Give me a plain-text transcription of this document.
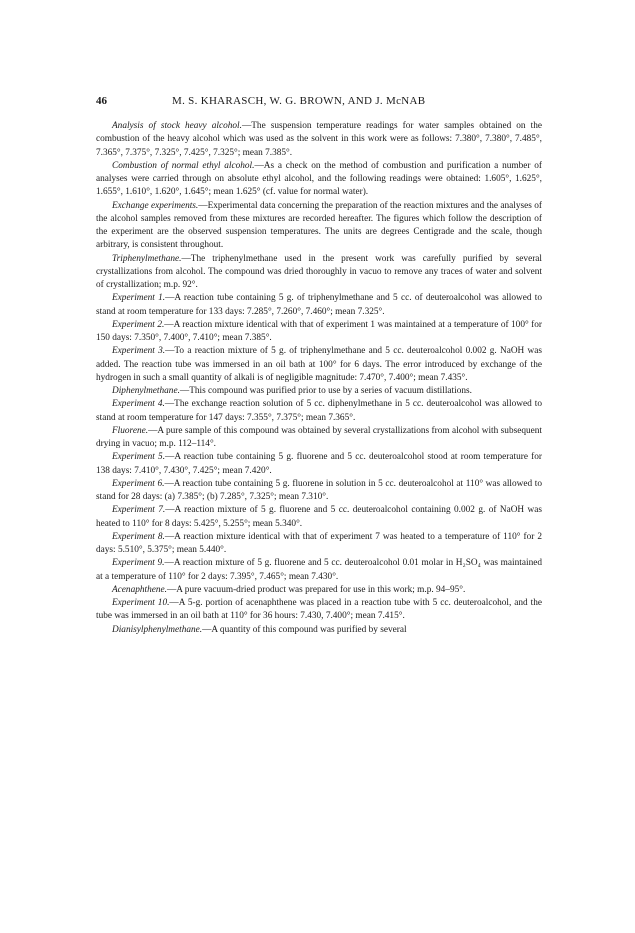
46	M. S. KHARASCH, W. G. BROWN, AND J. McNAB

Analysis of stock heavy alcohol.—The suspension temperature readings for water samples obtained on the combustion of the heavy alcohol which was used as the solvent in this work were as follows: 7.380°, 7.380°, 7.485°, 7.365°, 7.375°, 7.325°, 7.425°, 7.325°; mean 7.385°.

Combustion of normal ethyl alcohol.—As a check on the method of combustion and purification a number of analyses were carried through on absolute ethyl alcohol, and the following readings were obtained: 1.605°, 1.625°, 1.655°, 1.610°, 1.620°, 1.645°; mean 1.625° (cf. value for normal water).

Exchange experiments.—Experimental data concerning the preparation of the reaction mixtures and the analyses of the alcohol samples removed from these mixtures are recorded hereafter. The figures which follow the description of the experiment are the observed suspension temperatures. The units are degrees Centigrade and the scale, though arbitrary, is consistent throughout.

Triphenylmethane.—The triphenylmethane used in the present work was carefully purified by several crystallizations from alcohol. The compound was dried thoroughly in vacuo to remove any traces of water and solvent of crystallization; m.p. 92°.

Experiment 1.—A reaction tube containing 5 g. of triphenylmethane and 5 cc. of deuteroalcohol was allowed to stand at room temperature for 133 days: 7.285°, 7.260°, 7.460°; mean 7.325°.

Experiment 2.—A reaction mixture identical with that of experiment 1 was maintained at a temperature of 100° for 150 days: 7.350°, 7.400°, 7.410°; mean 7.385°.

Experiment 3.—To a reaction mixture of 5 g. of triphenylmethane and 5 cc. deuteroalcohol 0.002 g. NaOH was added. The reaction tube was immersed in an oil bath at 100° for 6 days. The error introduced by exchange of the hydrogen in such a small quantity of alkali is of negligible magnitude: 7.470°, 7.400°; mean 7.435°.

Diphenylmethane.—This compound was purified prior to use by a series of vacuum distillations.

Experiment 4.—The exchange reaction solution of 5 cc. diphenylmethane in 5 cc. deuteroalcohol was allowed to stand at room temperature for 147 days: 7.355°, 7.375°; mean 7.365°.

Fluorene.—A pure sample of this compound was obtained by several crystallizations from alcohol with subsequent drying in vacuo; m.p. 112–114°.

Experiment 5.—A reaction tube containing 5 g. fluorene and 5 cc. deuteroalcohol stood at room temperature for 138 days: 7.410°, 7.430°, 7.425°; mean 7.420°.

Experiment 6.—A reaction tube containing 5 g. fluorene in solution in 5 cc. deuteroalcohol at 110° was allowed to stand for 28 days: (a) 7.385°; (b) 7.285°, 7.325°; mean 7.310°.

Experiment 7.—A reaction mixture of 5 g. fluorene and 5 cc. deuteroalcohol containing 0.002 g. of NaOH was heated to 110° for 8 days: 5.425°, 5.255°; mean 5.340°.

Experiment 8.—A reaction mixture identical with that of experiment 7 was heated to a temperature of 110° for 2 days: 5.510°, 5.375°; mean 5.440°.

Experiment 9.—A reaction mixture of 5 g. fluorene and 5 cc. deuteroalcohol 0.01 molar in H₂SO₄ was maintained at a temperature of 110° for 2 days: 7.395°, 7.465°; mean 7.430°.

Acenaphthene.—A pure vacuum-dried product was prepared for use in this work; m.p. 94–95°.

Experiment 10.—A 5-g. portion of acenaphthene was placed in a reaction tube with 5 cc. deuteroalcohol, and the tube was immersed in an oil bath at 110° for 36 hours: 7.430, 7.400°; mean 7.415°.

Dianisylphenylmethane.—A quantity of this compound was purified by several
